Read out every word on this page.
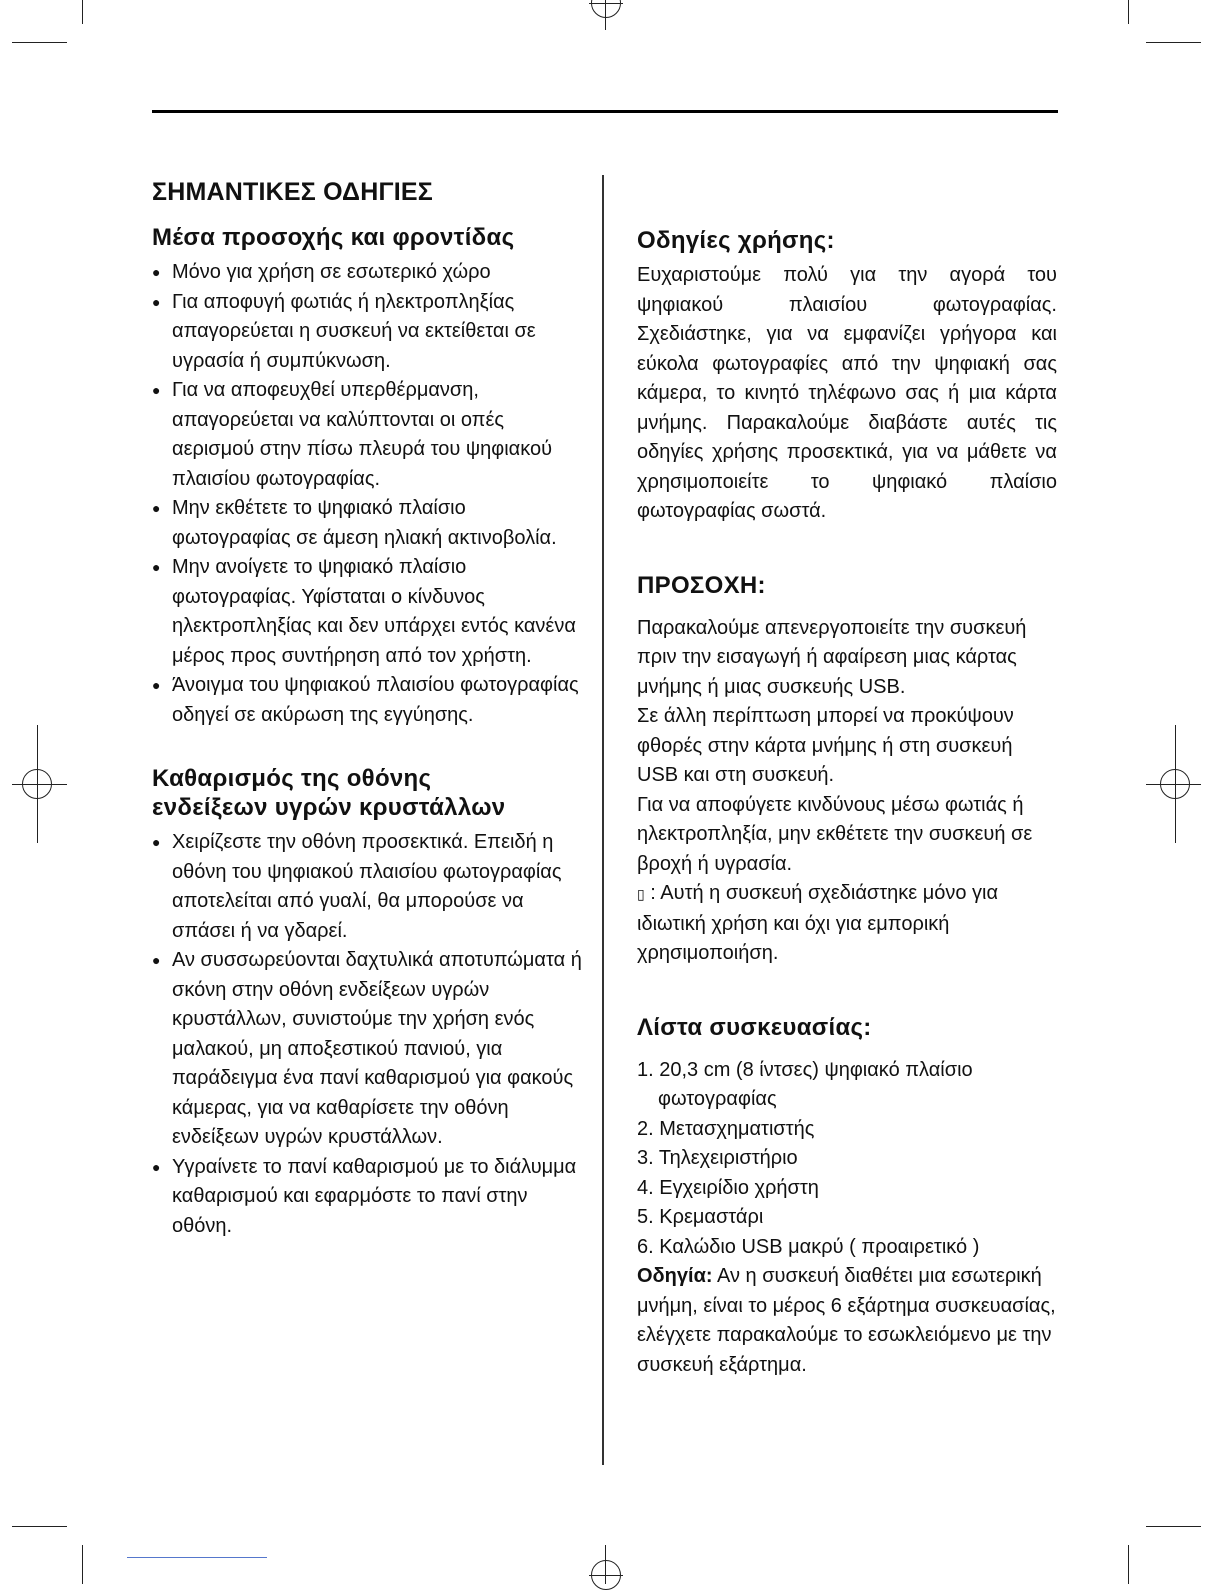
ΣΗΜΑΝΤΙΚΕΣ ΟΔΗΓΙΕΣ
Μέσα προσοχής και φροντίδας
● Μόνο για χρήση σε εσωτερικό χώρο
● Για αποφυγή φωτιάς ή ηλεκτροπληξίας απαγορεύεται η συσκευή να εκτείθεται σε υγρασία ή συμπύκνωση.
● Για να αποφευχθεί υπερθέρμανση, απαγορεύεται να καλύπτονται οι οπές αερισμού στην πίσω πλευρά του ψηφιακού πλαισίου φωτογραφίας.
● Μην εκθέτετε το ψηφιακό πλαίσιο φωτογραφίας σε άμεση ηλιακή ακτινοβολία.
● Μην ανοίγετε το ψηφιακό πλαίσιο φωτογραφίας. Υφίσταται ο κίνδυνος ηλεκτροπληξίας και δεν υπάρχει εντός κανένα μέρος προς συντήρηση από τον χρήστη.
● Άνοιγμα του ψηφιακού πλαισίου φωτογραφίας οδηγεί σε ακύρωση της εγγύησης.
Καθαρισμός της οθόνης
ενδείξεων υγρών κρυστάλλων
● Χειρίζεστε την οθόνη προσεκτικά. Επειδή η οθόνη του ψηφιακού πλαισίου φωτογραφίας αποτελείται από γυαλί, θα μπορούσε να σπάσει ή να γδαρεί.
● Αν συσσωρεύονται δαχτυλικά αποτυπώματα ή σκόνη στην οθόνη ενδείξεων υγρών κρυστάλλων, συνιστούμε την χρήση ενός μαλακού, μη αποξεστικού πανιού, για παράδειγμα ένα πανί καθαρισμού για φακούς κάμερας, για να καθαρίσετε την οθόνη ενδείξεων υγρών κρυστάλλων.
● Υγραίνετε το πανί καθαρισμού με το διάλυμμα καθαρισμού και εφαρμόστε το πανί στην οθόνη.
Οδηγίες χρήσης:

Ευχαριστούμε πολύ για την αγορά του ψηφιακού πλαισίου φωτογραφίας. Σχεδιάστηκε, για να εμφανίζει γρήγορα και εύκολα φωτογραφίες από την ψηφιακή σας κάμερα, το κινητό τηλέφωνο σας ή μια κάρτα μνήμης. Παρακαλούμε διαβάστε αυτές τις οδηγίες χρήσης προσεκτικά, για να μάθετε να χρησιμοποιείτε το ψηφιακό πλαίσιο φωτογραφίας σωστά.

ΠΡΟΣΟΧΗ:

Παρακαλούμε απενεργοποιείτε την συσκευή πριν την εισαγωγή ή αφαίρεση μιας κάρτας μνήμης ή μιας συσκευής USB.

Σε άλλη περίπτωση μπορεί να προκύψουν φθορές στην κάρτα μνήμης ή στη συσκευή USB και στη συσκευή.

Για να αποφύγετε κινδύνους μέσω φωτιάς ή ηλεκτροπληξία, μην εκθέτετε την συσκευή σε βροχή ή υγρασία.

▯ : Αυτή η συσκευή σχεδιάστηκε μόνο για ιδιωτική χρήση και όχι για εμπορική χρησιμοποιήση.

Λίστα συσκευασίας:
1. 20,3 cm (8 ίντσες) ψηφιακό πλαίσιο φωτογραφίας
2. Μετασχηματιστής
3. Τηλεχειριστήριο
4. Εγχειρίδιο χρήστη
5. Κρεμαστάρι
6. Καλώδιο USB μακρύ ( προαιρετικό )

Οδηγία: Αν η συσκευή διαθέτει μια εσωτερική μνήμη, είναι το μέρος 6 εξάρτημα συσκευασίας, ελέγχετε παρακαλούμε το εσωκλειόμενο με την συσκευή εξάρτημα.
